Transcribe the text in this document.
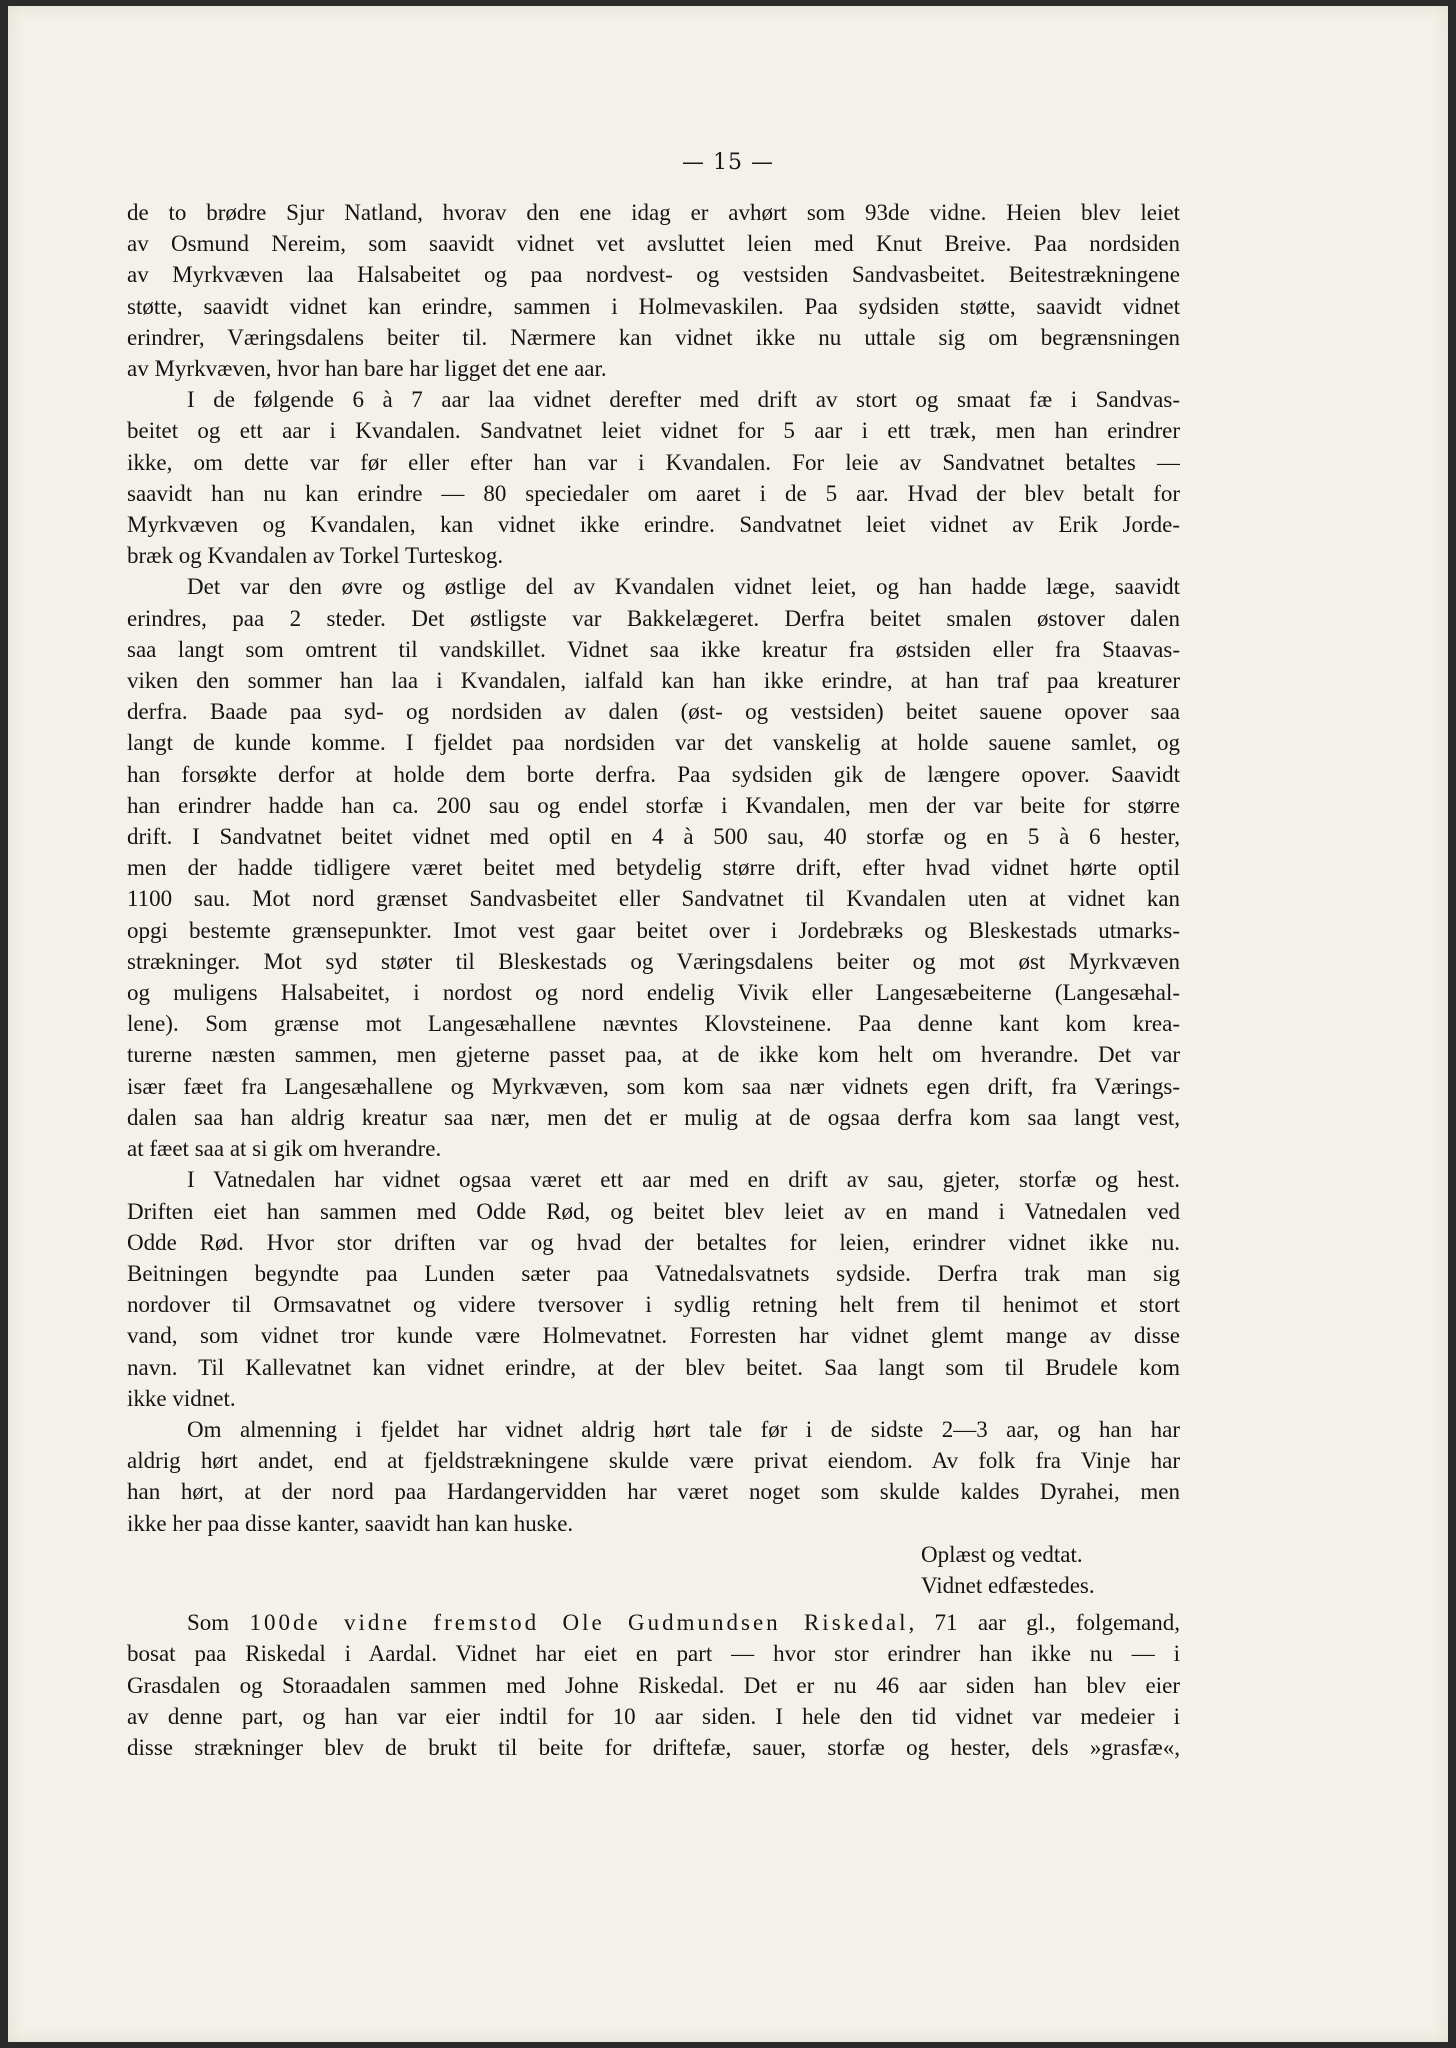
— 15 —

de to brødre Sjur Natland, hvorav den ene idag er avhørt som 93de vidne. Heien blev leiet
av Osmund Nereim, som saavidt vidnet vet avsluttet leien med Knut Breive. Paa nordsiden
av Myrkvæven laa Halsabeitet og paa nordvest- og vestsiden Sandvasbeitet. Beitestrækningene
støtte, saavidt vidnet kan erindre, sammen i Holmevaskilen. Paa sydsiden støtte, saavidt vidnet
erindrer, Væringsdalens beiter til. Nærmere kan vidnet ikke nu uttale sig om begrænsningen
av Myrkvæven, hvor han bare har ligget det ene aar.

I de følgende 6 à 7 aar laa vidnet derefter med drift av stort og smaat fæ i Sandvas-
beitet og ett aar i Kvandalen. Sandvatnet leiet vidnet for 5 aar i ett træk, men han erindrer
ikke, om dette var før eller efter han var i Kvandalen. For leie av Sandvatnet betaltes —
saavidt han nu kan erindre — 80 speciedaler om aaret i de 5 aar. Hvad der blev betalt for
Myrkvæven og Kvandalen, kan vidnet ikke erindre. Sandvatnet leiet vidnet av Erik Jorde-
bræk og Kvandalen av Torkel Turteskog.

Det var den øvre og østlige del av Kvandalen vidnet leiet, og han hadde læge, saavidt
erindres, paa 2 steder. Det østligste var Bakkelægeret. Derfra beitet smalen østover dalen
saa langt som omtrent til vandskillet. Vidnet saa ikke kreatur fra østsiden eller fra Staavas-
viken den sommer han laa i Kvandalen, ialfald kan han ikke erindre, at han traf paa kreaturer
derfra. Baade paa syd- og nordsiden av dalen (øst- og vestsiden) beitet sauene opover saa
langt de kunde komme. I fjeldet paa nordsiden var det vanskelig at holde sauene samlet, og
han forsøkte derfor at holde dem borte derfra. Paa sydsiden gik de længere opover. Saavidt
han erindrer hadde han ca. 200 sau og endel storfæ i Kvandalen, men der var beite for større
drift. I Sandvatnet beitet vidnet med optil en 4 à 500 sau, 40 storfæ og en 5 à 6 hester,
men der hadde tidligere været beitet med betydelig større drift, efter hvad vidnet hørte optil
1100 sau. Mot nord grænset Sandvasbeitet eller Sandvatnet til Kvandalen uten at vidnet kan
opgi bestemte grænsepunkter. Imot vest gaar beitet over i Jordebræks og Bleskestads utmarks-
strækninger. Mot syd støter til Bleskestads og Væringsdalens beiter og mot øst Myrkvæven
og muligens Halsabeitet, i nordost og nord endelig Vivik eller Langesæbeiterne (Langesæhal-
lene). Som grænse mot Langesæhallene nævntes Klovsteinene. Paa denne kant kom krea-
turerne næsten sammen, men gjeterne passet paa, at de ikke kom helt om hverandre. Det var
især fæet fra Langesæhallene og Myrkvæven, som kom saa nær vidnets egen drift, fra Værings-
dalen saa han aldrig kreatur saa nær, men det er mulig at de ogsaa derfra kom saa langt vest,
at fæet saa at si gik om hverandre.

I Vatnedalen har vidnet ogsaa været ett aar med en drift av sau, gjeter, storfæ og hest.
Driften eiet han sammen med Odde Rød, og beitet blev leiet av en mand i Vatnedalen ved
Odde Rød. Hvor stor driften var og hvad der betaltes for leien, erindrer vidnet ikke nu.
Beitningen begyndte paa Lunden sæter paa Vatnedalsvatnets sydside. Derfra trak man sig
nordover til Ormsavatnet og videre tversover i sydlig retning helt frem til henimot et stort
vand, som vidnet tror kunde være Holmevatnet. Forresten har vidnet glemt mange av disse
navn. Til Kallevatnet kan vidnet erindre, at der blev beitet. Saa langt som til Brudele kom
ikke vidnet.

Om almenning i fjeldet har vidnet aldrig hørt tale før i de sidste 2—3 aar, og han har
aldrig hørt andet, end at fjeldstrækningene skulde være privat eiendom. Av folk fra Vinje har
han hørt, at der nord paa Hardangervidden har været noget som skulde kaldes Dyrahei, men
ikke her paa disse kanter, saavidt han kan huske.

Oplæst og vedtat.
Vidnet edfæstedes.

Som 100de vidne fremstod Ole Gudmundsen Riskedal, 71 aar gl., folgemand,
bosat paa Riskedal i Aardal. Vidnet har eiet en part — hvor stor erindrer han ikke nu — i
Grasdalen og Storaadalen sammen med Johne Riskedal. Det er nu 46 aar siden han blev eier
av denne part, og han var eier indtil for 10 aar siden. I hele den tid vidnet var medeier i
disse strækninger blev de brukt til beite for driftefæ, sauer, storfæ og hester, dels »grasfæ«,
